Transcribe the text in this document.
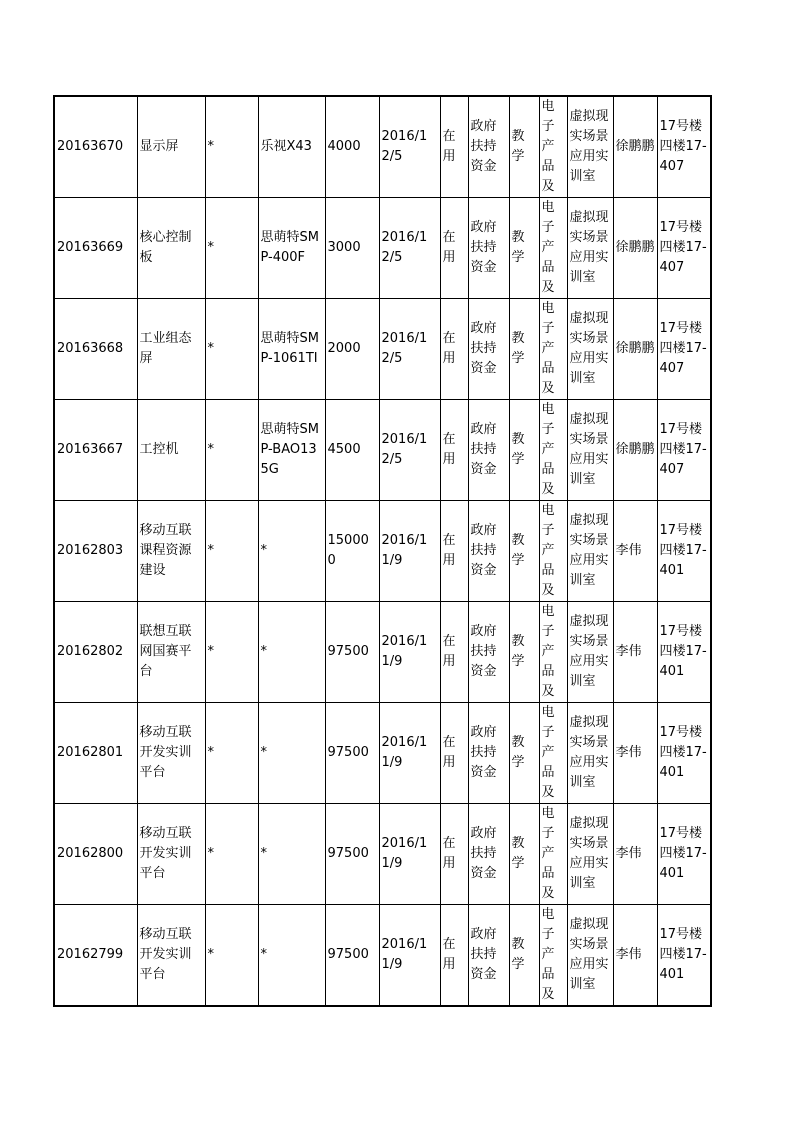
20163670	显示屏	*	乐视X43	4000	2016/12/5	在用	政府扶持资金	教学	电子产品及	虚拟现实场景应用实训室	徐鹏鹏	17号楼四楼17-407

20163669	核心控制板	*	思萌特SMP-400F	3000	2016/12/5	在用	政府扶持资金	教学	电子产品及	虚拟现实场景应用实训室	徐鹏鹏	17号楼四楼17-407

20163668	工业组态屏	*	思萌特SMP-1061TI	2000	2016/12/5	在用	政府扶持资金	教学	电子产品及	虚拟现实场景应用实训室	徐鹏鹏	17号楼四楼17-407

20163667	工控机	*	思萌特SMP-BAO135G	4500	2016/12/5	在用	政府扶持资金	教学	电子产品及	虚拟现实场景应用实训室	徐鹏鹏	17号楼四楼17-407

20162803	移动互联课程资源建设	*	*	150000	2016/11/9	在用	政府扶持资金	教学	电子产品及	虚拟现实场景应用实训室	李伟	17号楼四楼17-401

20162802	联想互联网国赛平台	*	*	97500	2016/11/9	在用	政府扶持资金	教学	电子产品及	虚拟现实场景应用实训室	李伟	17号楼四楼17-401

20162801	移动互联开发实训平台	*	*	97500	2016/11/9	在用	政府扶持资金	教学	电子产品及	虚拟现实场景应用实训室	李伟	17号楼四楼17-401

20162800	移动互联开发实训平台	*	*	97500	2016/11/9	在用	政府扶持资金	教学	电子产品及	虚拟现实场景应用实训室	李伟	17号楼四楼17-401

20162799	移动互联开发实训平台	*	*	97500	2016/11/9	在用	政府扶持资金	教学	电子产品及	虚拟现实场景应用实训室	李伟	17号楼四楼17-401
